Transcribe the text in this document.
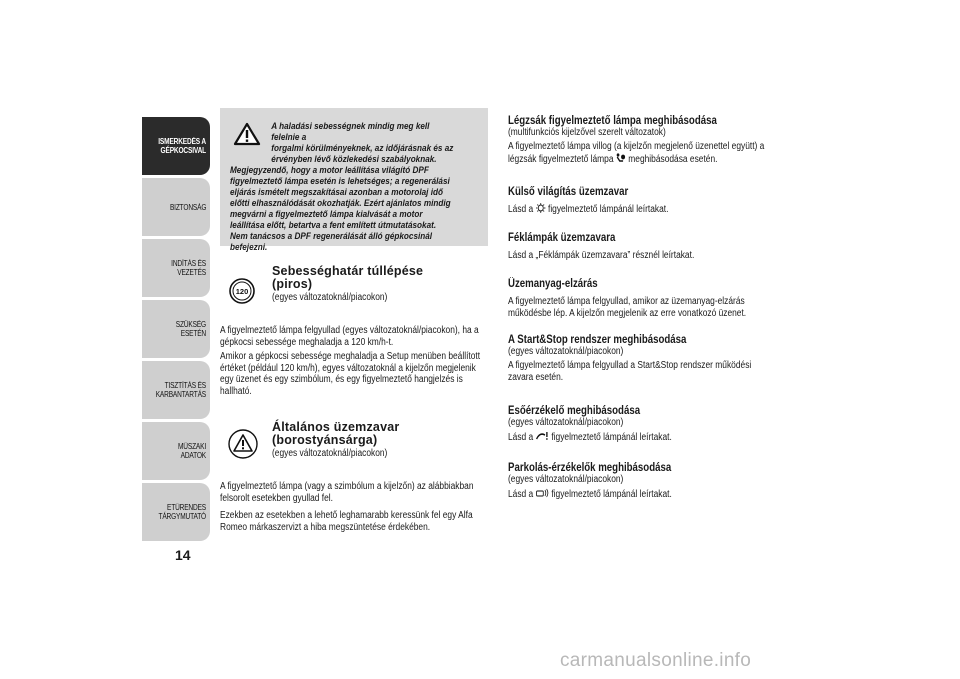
ISMERKEDÉS A GÉPKOCSIVAL
BIZTONSÁG
INDÍTÁS ÉS VEZETÉS
SZÜKSÉG ESETÉN
TISZTÍTÁS ÉS KARBANTARTÁS
MŰSZAKI ADATOK
ETŰRENDES TÁRGYMUTATÓ
14
A haladási sebességnek mindig meg kell felelnie a
forgalmi körülményeknek, az időjárásnak és az
érvényben lévő közlekedési szabályoknak.
Megjegyzendő, hogy a motor leállítása világító DPF figyelmeztető lámpa esetén is lehetséges; a regenerálási eljárás ismételt megszakításai azonban a motorolaj idő előtti elhasználódását okozhatják. Ezért ajánlatos mindig megvárni a figyelmeztető lámpa kialvását a motor leállítása előtt, betartva a fent említett útmutatásokat. Nem tanácsos a DPF regenerálását álló gépkocsinál befejezni.
120
Sebességhatár túllépése
(piros)
(egyes változatoknál/piacokon)
A figyelmeztető lámpa felgyullad (egyes változatoknál/piacokon), ha a gépkocsi sebessége meghaladja a 120 km/h-t.
Amikor a gépkocsi sebessége meghaladja a Setup menüben beállított értéket (például 120 km/h), egyes változatoknál a kijelzőn megjelenik egy üzenet és egy szimbólum, és egy figyelmeztető hangjelzés is hallható.
Általános üzemzavar
(borostyánsárga)
(egyes változatoknál/piacokon)
A figyelmeztető lámpa (vagy a szimbólum a kijelzőn) az alábbiakban felsorolt esetekben gyullad fel.
Ezekben az esetekben a lehető leghamarabb keressünk fel egy Alfa Romeo márkaszervizt a hiba megszüntetése érdekében.
Légzsák figyelmeztető lámpa meghibásodása
(multifunkciós kijelzővel szerelt változatok)
A figyelmeztető lámpa villog (a kijelzőn megjelenő üzenettel együtt) a légzsák figyelmeztető lámpa meghibásodása esetén.
Külső világítás üzemzavar
Lásd a figyelmeztető lámpánál leírtakat.
Féklámpák üzemzavara
Lásd a „Féklámpák üzemzavara” résznél leírtakat.
Üzemanyag-elzárás
A figyelmeztető lámpa felgyullad, amikor az üzemanyag-elzárás működésbe lép. A kijelzőn megjelenik az erre vonatkozó üzenet.
A Start&Stop rendszer meghibásodása
(egyes változatoknál/piacokon)
A figyelmeztető lámpa felgyullad a Start&Stop rendszer működési zavara esetén.
Esőérzékelő meghibásodása
(egyes változatoknál/piacokon)
Lásd a figyelmeztető lámpánál leírtakat.
Parkolás-érzékelők meghibásodása
(egyes változatoknál/piacokon)
Lásd a figyelmeztető lámpánál leírtakat.
carmanualsonline.info
